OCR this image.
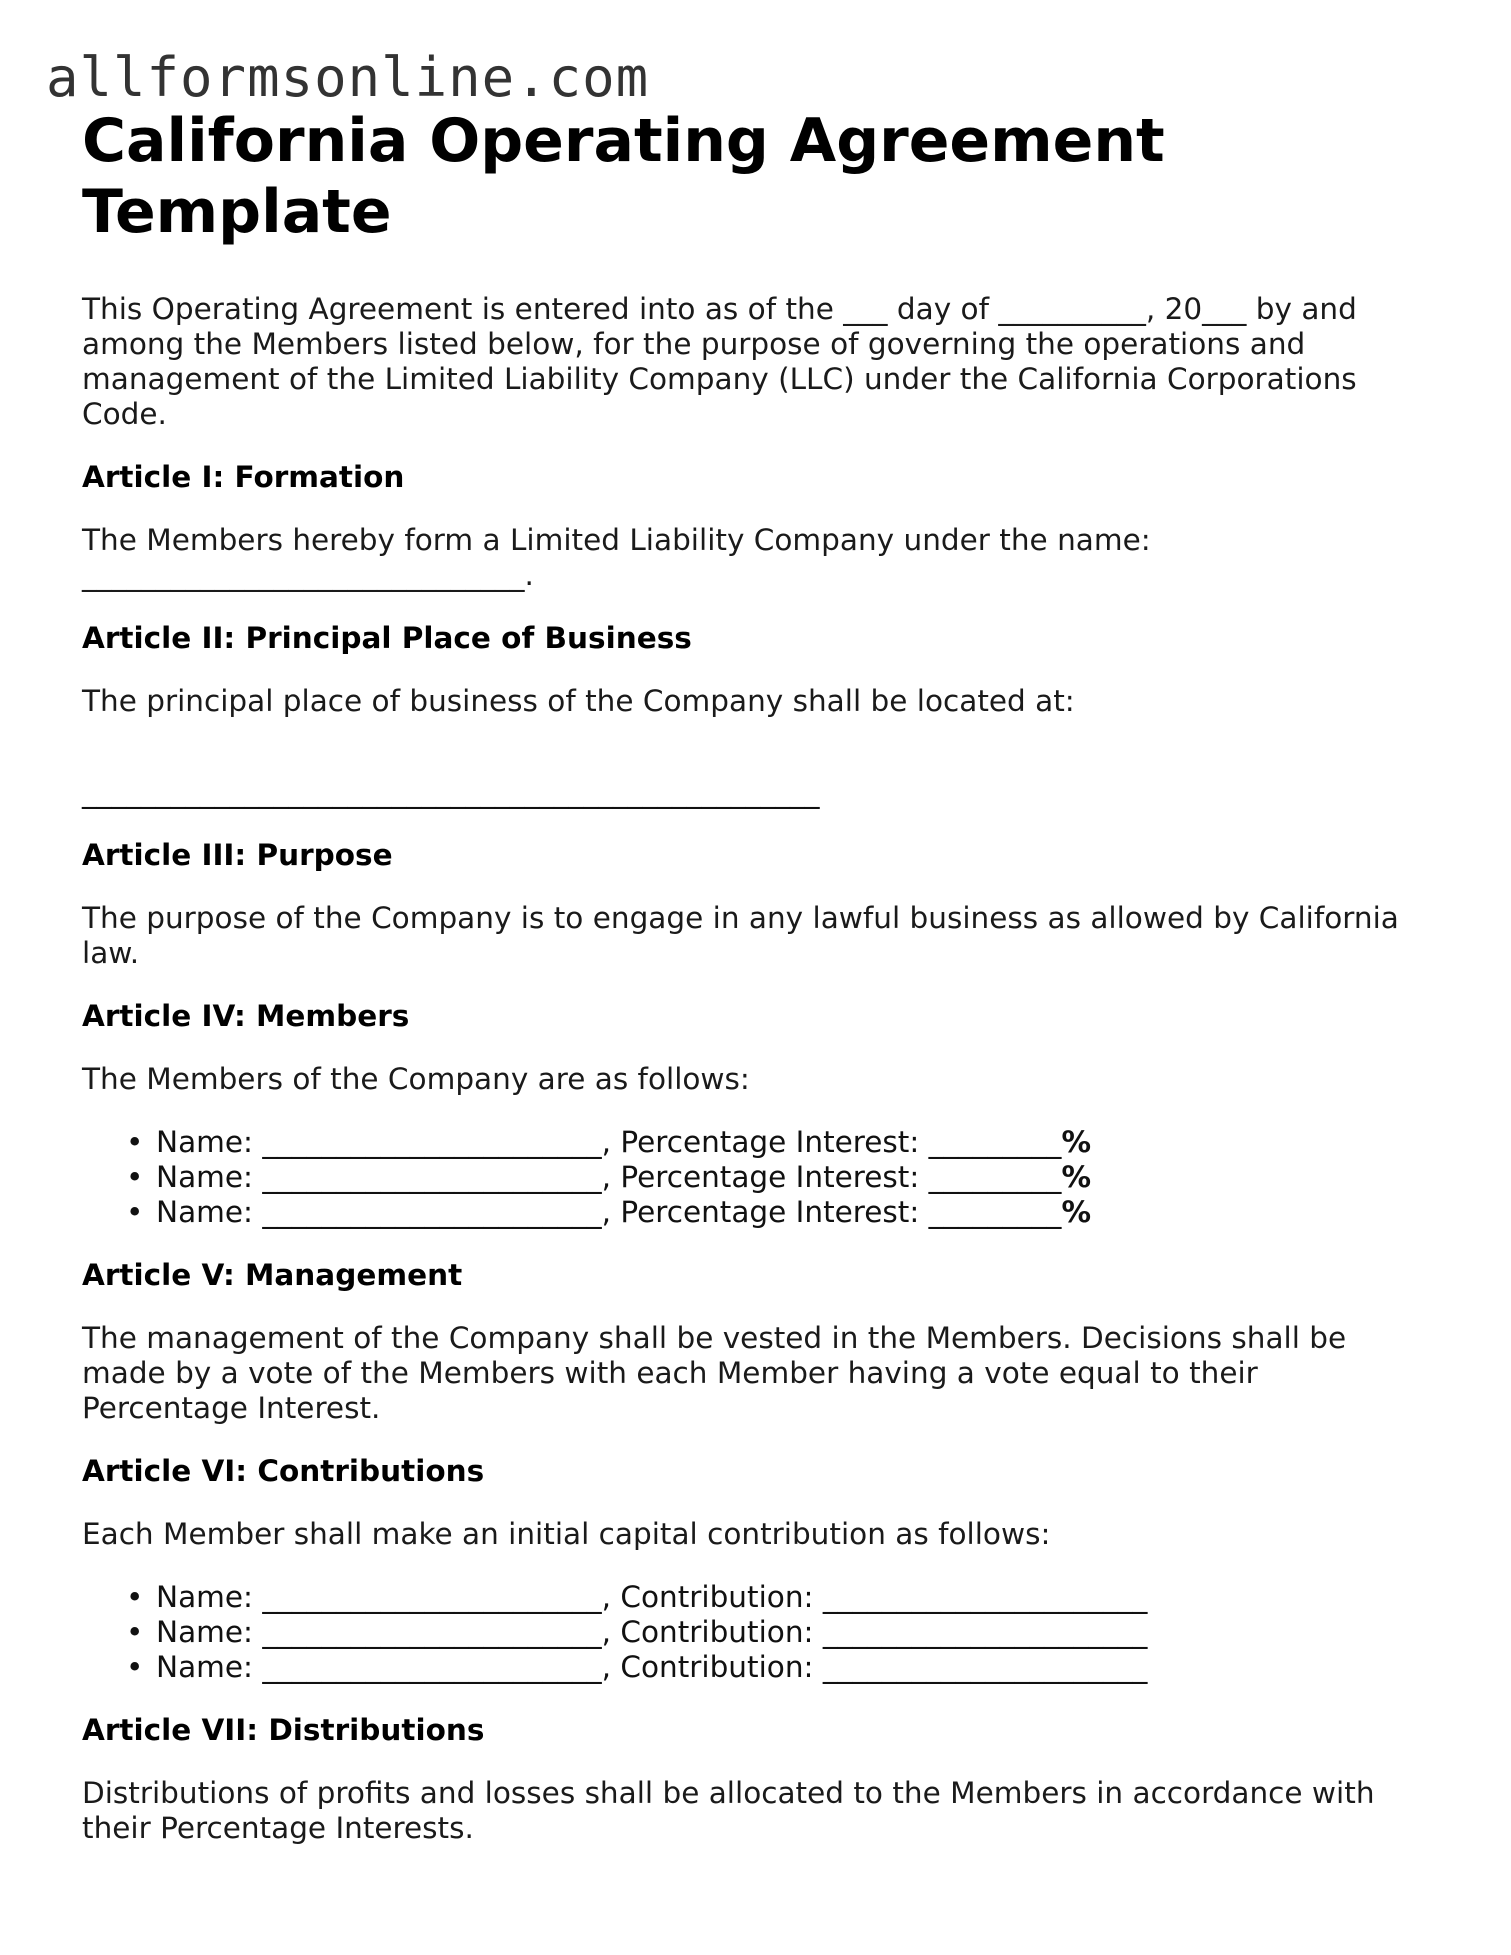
allformsonline.com
California Operating Agreement Template

This Operating Agreement is entered into as of the ___ day of __________, 20___ by and among the Members listed below, for the purpose of governing the operations and management of the Limited Liability Company (LLC) under the California Corporations Code.

Article I: Formation

The Members hereby form a Limited Liability Company under the name: ______________________________.

Article II: Principal Place of Business

The principal place of business of the Company shall be located at:

__________________________________________________
Article III: Purpose

The purpose of the Company is to engage in any lawful business as allowed by California law.

Article IV: Members

The Members of the Company are as follows:

• Name: _______________________, Percentage Interest: _________%
• Name: _______________________, Percentage Interest: _________%
• Name: _______________________, Percentage Interest: _________%
Article V: Management

The management of the Company shall be vested in the Members. Decisions shall be made by a vote of the Members with each Member having a vote equal to their Percentage Interest.

Article VI: Contributions

Each Member shall make an initial capital contribution as follows:

• Name: _______________________, Contribution: ______________________
• Name: _______________________, Contribution: ______________________
• Name: _______________________, Contribution: ______________________
Article VII: Distributions

Distributions of profits and losses shall be allocated to the Members in accordance with their Percentage Interests.
